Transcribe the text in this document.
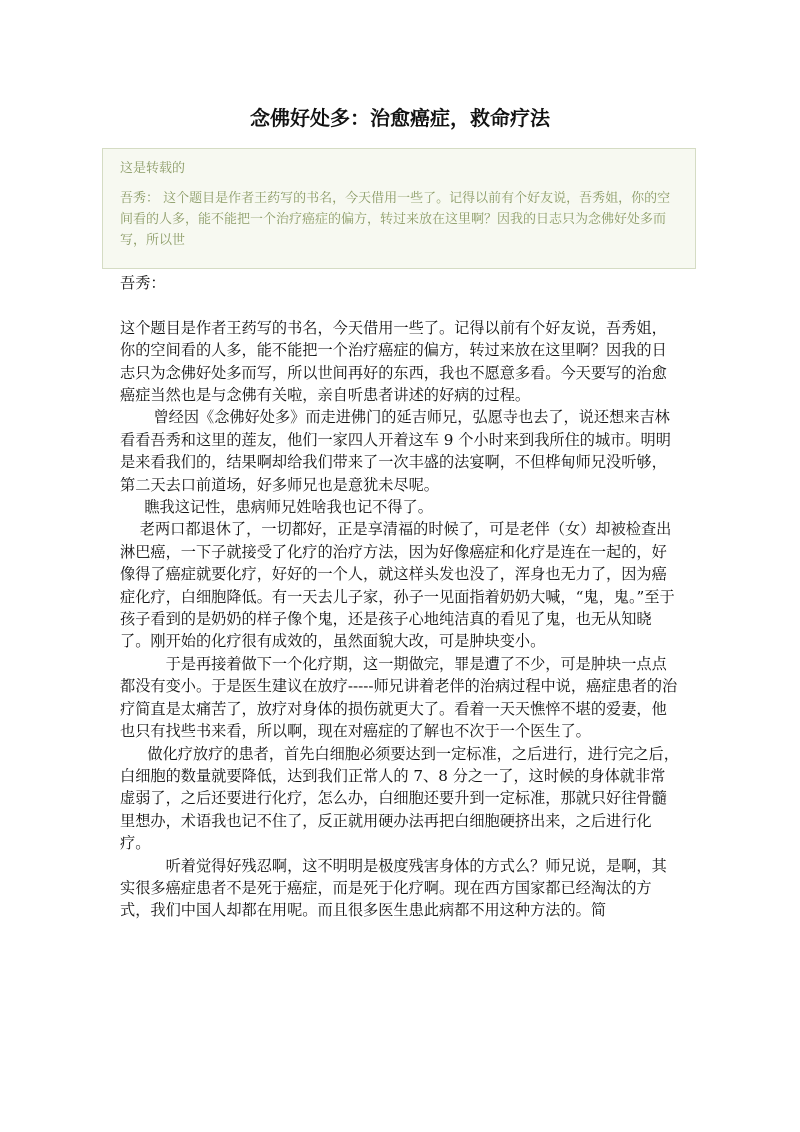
念佛好处多：治愈癌症，救命疗法

这是转载的

吾秀： 这个题目是作者王药写的书名，今天借用一些了。记得以前有个好友说，吾秀姐，你的空间看的人多，能不能把一个治疗癌症的偏方，转过来放在这里啊？因我的日志只为念佛好处多而写，所以世

吾秀：

这个题目是作者王药写的书名，今天借用一些了。记得以前有个好友说，吾秀姐，你的空间看的人多，能不能把一个治疗癌症的偏方，转过来放在这里啊？因我的日志只为念佛好处多而写，所以世间再好的东西，我也不愿意多看。今天要写的治愈癌症当然也是与念佛有关啦，亲自听患者讲述的好病的过程。

曾经因《念佛好处多》而走进佛门的延吉师兄，弘愿寺也去了，说还想来吉林看看吾秀和这里的莲友，他们一家四人开着这车 9 个小时来到我所住的城市。明明是来看我们的，结果啊却给我们带来了一次丰盛的法宴啊，不但桦甸师兄没听够，第二天去口前道场，好多师兄也是意犹未尽呢。

瞧我这记性，患病师兄姓啥我也记不得了。

老两口都退休了，一切都好，正是享清福的时候了，可是老伴（女）却被检查出淋巴癌，一下子就接受了化疗的治疗方法，因为好像癌症和化疗是连在一起的，好像得了癌症就要化疗，好好的一个人，就这样头发也没了，浑身也无力了，因为癌症化疗，白细胞降低。有一天去儿子家，孙子一见面指着奶奶大喊，“鬼，鬼。”至于孩子看到的是奶奶的样子像个鬼，还是孩子心地纯洁真的看见了鬼，也无从知晓了。刚开始的化疗很有成效的，虽然面貌大改，可是肿块变小。

于是再接着做下一个化疗期，这一期做完，罪是遭了不少，可是肿块一点点都没有变小。于是医生建议在放疗-----师兄讲着老伴的治病过程中说，癌症患者的治疗简直是太痛苦了，放疗对身体的损伤就更大了。看着一天天憔悴不堪的爱妻，他也只有找些书来看，所以啊，现在对癌症的了解也不次于一个医生了。

做化疗放疗的患者，首先白细胞必须要达到一定标准，之后进行，进行完之后，白细胞的数量就要降低，达到我们正常人的 7、8 分之一了，这时候的身体就非常虚弱了，之后还要进行化疗，怎么办，白细胞还要升到一定标准，那就只好往骨髓里想办，术语我也记不住了，反正就用硬办法再把白细胞硬挤出来，之后进行化疗。

听着觉得好残忍啊，这不明明是极度残害身体的方式么？师兄说，是啊，其实很多癌症患者不是死于癌症，而是死于化疗啊。现在西方国家都已经淘汰的方式，我们中国人却都在用呢。而且很多医生患此病都不用这种方法的。简
